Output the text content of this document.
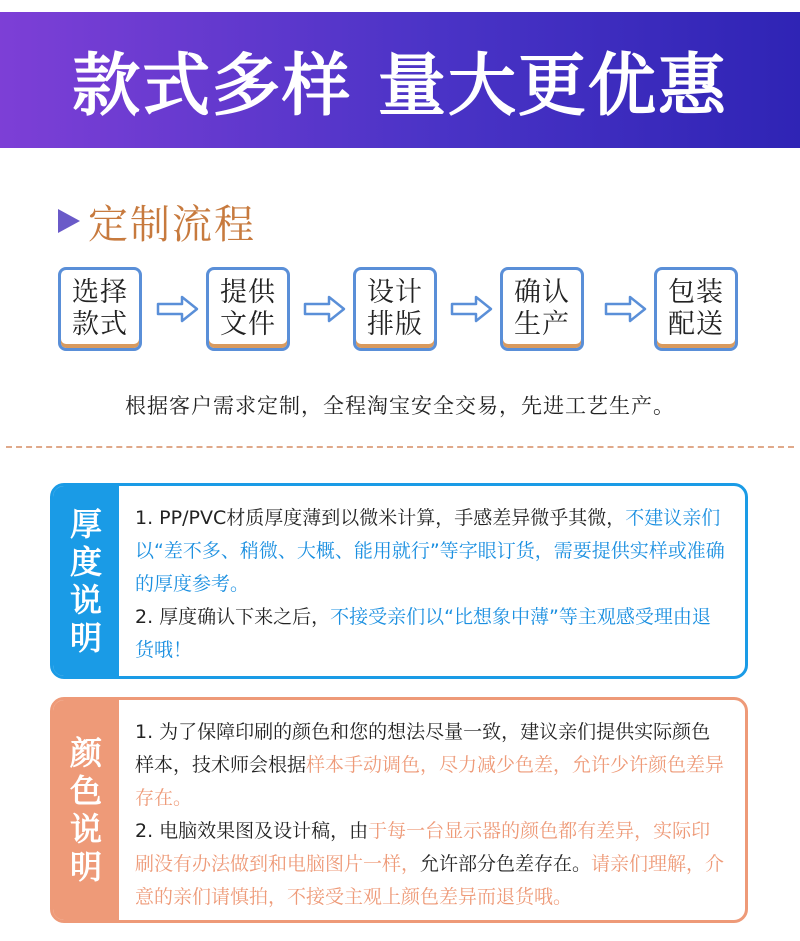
款式多样 量大更优惠
定制流程
选择
款式
提供
文件
设计
排版
确认
生产
包装
配送
根据客户需求定制，全程淘宝安全交易，先进工艺生产。
厚
度
说
明

1. PP/PVC材质厚度薄到以微米计算，手感差异微乎其微，不建议亲们以“差不多、稍微、大概、能用就行”等字眼订货，需要提供实样或准确的厚度参考。

2. 厚度确认下来之后，不接受亲们以“比想象中薄”等主观感受理由退货哦！

颜
色
说
明

1. 为了保障印刷的颜色和您的想法尽量一致，建议亲们提供实际颜色样本，技术师会根据样本手动调色，尽力减少色差，允许少许颜色差异存在。

2. 电脑效果图及设计稿，由于每一台显示器的颜色都有差异，实际印刷没有办法做到和电脑图片一样，允许部分色差存在。请亲们理解，介意的亲们请慎拍，不接受主观上颜色差异而退货哦。
